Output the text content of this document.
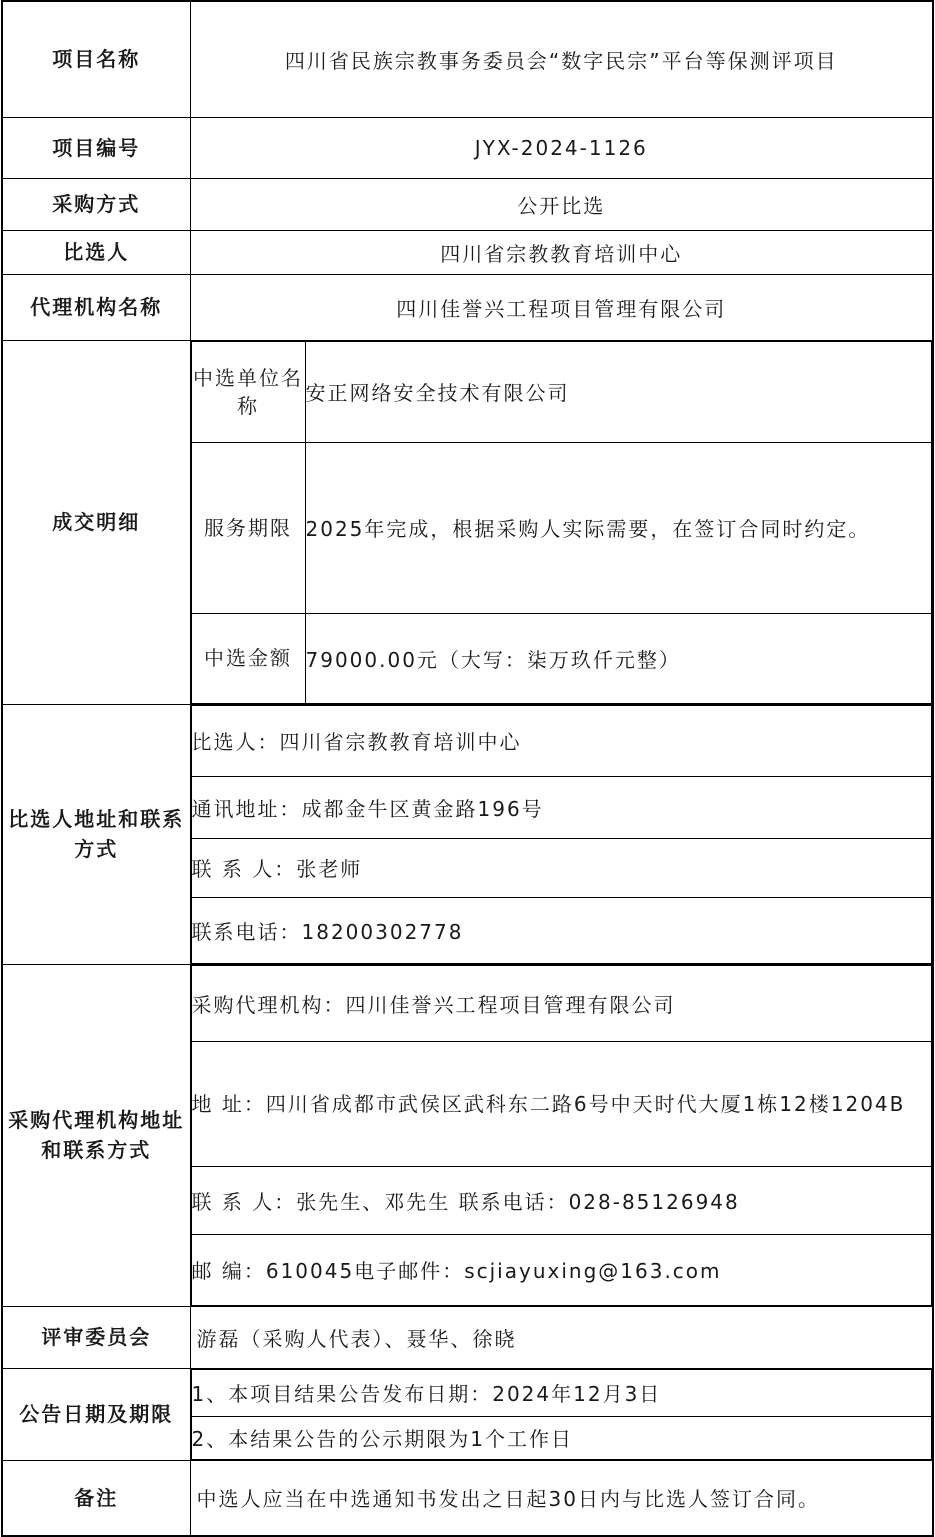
项目名称	四川省民族宗教事务委员会“数字民宗”平台等保测评项目
项目编号	JYX-2024-1126
采购方式	公开比选
比选人	四川省宗教教育培训中心
代理机构名称	四川佳誉兴工程项目管理有限公司
成交明细	
中选单位名称	安正网络安全技术有限公司
服务期限	2025年完成，根据采购人实际需要，在签订合同时约定。
中选金额	79000.00元（大写：柒万玖仟元整）

比选人地址和联系方式	
比选人：四川省宗教教育培训中心
通讯地址：成都金牛区黄金路196号
联 系 人：张老师
联系电话：18200302778

采购代理机构地址和联系方式	
采购代理机构：四川佳誉兴工程项目管理有限公司
地 址：四川省成都市武侯区武科东二路6号中天时代大厦1栋12楼1204B
联 系 人：张先生、邓先生 联系电话：028-85126948
邮 编：610045电子邮件：scjiayuxing@163.com

评审委员会	游磊（采购人代表）、聂华、徐晓
公告日期及期限	
1、本项目结果公告发布日期：2024年12月3日
2、本结果公告的公示期限为1个工作日

备注	中选人应当在中选通知书发出之日起30日内与比选人签订合同。
